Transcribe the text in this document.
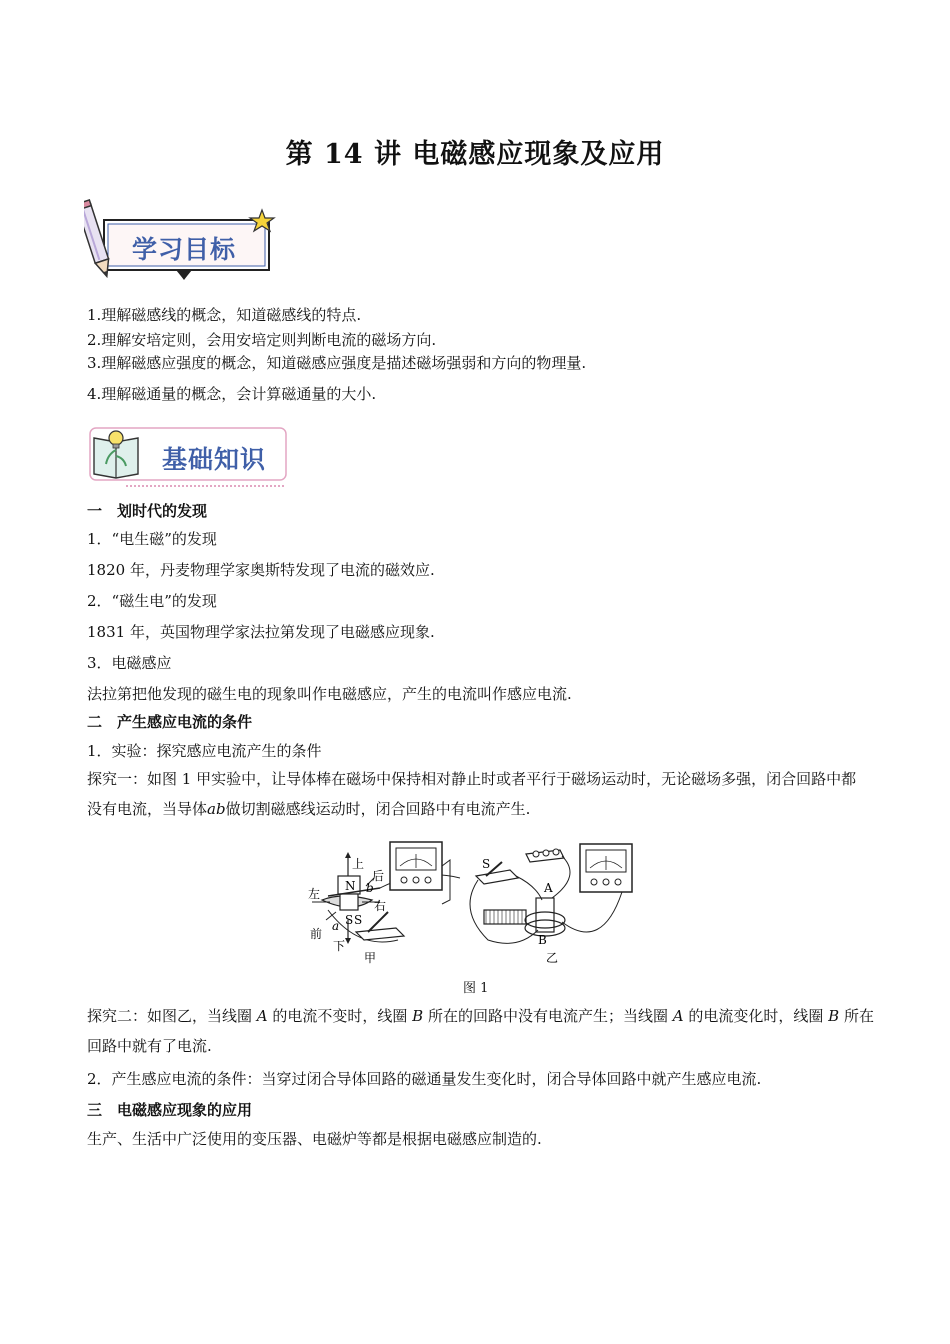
第 14 讲 电磁感应现象及应用
学习目标
1.理解磁感线的概念，知道磁感线的特点.
2.理解安培定则，会用安培定则判断电流的磁场方向.
3.理解磁感应强度的概念，知道磁感应强度是描述磁场强弱和方向的物理量.
4.理解磁通量的概念，会计算磁通量的大小.
基础知识
一　划时代的发现
1．“电生磁”的发现
1820 年，丹麦物理学家奥斯特发现了电流的磁效应.
2．“磁生电”的发现
1831 年，英国物理学家法拉第发现了电磁感应现象.
3．电磁感应
法拉第把他发现的磁生电的现象叫作电磁感应，产生的电流叫作感应电流.
二　产生感应电流的条件
1．实验：探究感应电流产生的条件
探究一：如图 1 甲实验中，让导体棒在磁场中保持相对静止时或者平行于磁场运动时，无论磁场多强，闭合回路中都没有电流，当导体ab做切割磁感线运动时，闭合回路中有电流产生.
上
下
左
右
前
后
N
S
a
b
S
甲
S
A
B
乙
图 1
探究二：如图乙，当线圈 A 的电流不变时，线圈 B 所在的回路中没有电流产生；当线圈 A 的电流变化时，线圈 B 所在回路中就有了电流.
2．产生感应电流的条件：当穿过闭合导体回路的磁通量发生变化时，闭合导体回路中就产生感应电流.
三　电磁感应现象的应用
生产、生活中广泛使用的变压器、电磁炉等都是根据电磁感应制造的.
